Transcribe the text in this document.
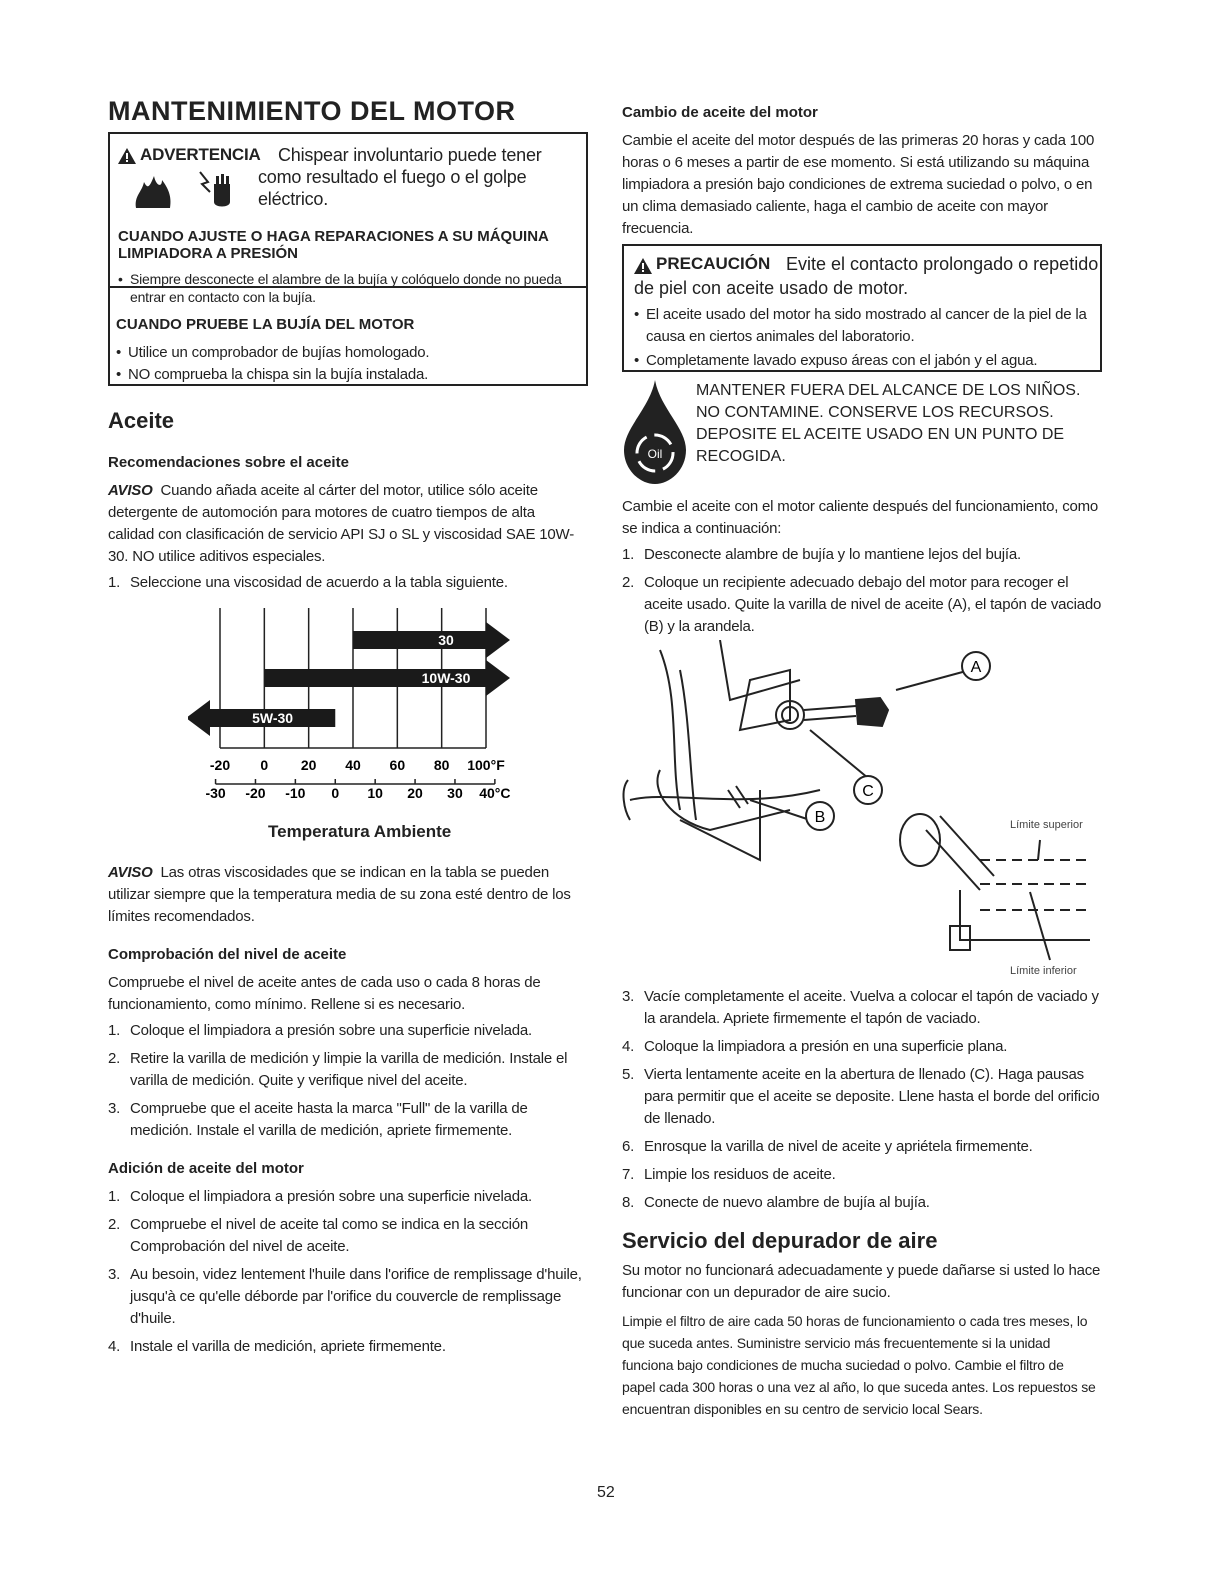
MANTENIMIENTO DEL MOTOR
ADVERTENCIA Chispear involuntario puede tener
como resultado el fuego o el golpe
eléctrico.
CUANDO AJUSTE O HAGA REPARACIONES A SU MÁQUINA
LIMPIADORA A PRESIÓN
• Siempre desconecte el alambre de la bujía y colóquelo donde no pueda entrar en contacto con la bujía.
CUANDO PRUEBE LA BUJÍA DEL MOTOR
• Utilice un comprobador de bujías homologado.
• NO comprueba la chispa sin la bujía instalada.
Aceite
Recomendaciones sobre el aceite
AVISO Cuando añada aceite al cárter del motor, utilice sólo aceite detergente de automoción para motores de cuatro tiempos de alta calidad con clasificación de servicio API SJ o SL y viscosidad SAE 10W-30. NO utilice aditivos especiales.
1. Seleccione una viscosidad de acuerdo a la tabla siguiente.
30
10W-30
5W-30
-20 0 20 40 60 80 100°F
-30 -20 -10 0 10 20 30 40°C
Temperatura Ambiente
AVISO Las otras viscosidades que se indican en la tabla se pueden utilizar siempre que la temperatura media de su zona esté dentro de los límites recomendados.
Comprobación del nivel de aceite
Compruebe el nivel de aceite antes de cada uso o cada 8 horas de funcionamiento, como mínimo. Rellene si es necesario.
1. Coloque el limpiadora a presión sobre una superficie nivelada.
2. Retire la varilla de medición y limpie la varilla de medición. Instale el varilla de medición. Quite y verifique nivel del aceite.
3. Compruebe que el aceite hasta la marca "Full" de la varilla de medición. Instale el varilla de medición, apriete firmemente.
Adición de aceite del motor
1. Coloque el limpiadora a presión sobre una superficie nivelada.
2. Compruebe el nivel de aceite tal como se indica en la sección Comprobación del nivel de aceite.
3. Au besoin, videz lentement l'huile dans l'orifice de remplissage d'huile, jusqu'à ce qu'elle déborde par l'orifice du couvercle de remplissage d'huile.
4. Instale el varilla de medición, apriete firmemente.
Cambio de aceite del motor
Cambie el aceite del motor después de las primeras 20 horas y cada 100 horas o 6 meses a partir de ese momento. Si está utilizando su máquina limpiadora a presión bajo condiciones de extrema suciedad o polvo, o en un clima demasiado caliente, haga el cambio de aceite con mayor frecuencia.
PRECAUCIÓN Evite el contacto prolongado o repetido
de piel con aceite usado de motor.
• El aceite usado del motor ha sido mostrado al cancer de la piel de la causa en ciertos animales del laboratorio.
• Completamente lavado expuso áreas con el jabón y el agua.
Oil
MANTENER FUERA DEL ALCANCE DE LOS NIÑOS. NO CONTAMINE. CONSERVE LOS RECURSOS. DEPOSITE EL ACEITE USADO EN UN PUNTO DE RECOGIDA.
Cambie el aceite con el motor caliente después del funcionamiento, como se indica a continuación:
1. Desconecte alambre de bujía y lo mantiene lejos del bujía.
2. Coloque un recipiente adecuado debajo del motor para recoger el aceite usado. Quite la varilla de nivel de aceite (A), el tapón de vaciado (B) y la arandela.
A
C
B	Límite superior
Límite inferior
3. Vacíe completamente el aceite. Vuelva a colocar el tapón de vaciado y la arandela. Apriete firmemente el tapón de vaciado.
4. Coloque la limpiadora a presión en una superficie plana.
5. Vierta lentamente aceite en la abertura de llenado (C). Haga pausas para permitir que el aceite se deposite. Llene hasta el borde del orificio de llenado.
6. Enrosque la varilla de nivel de aceite y apriétela firmemente.
7. Limpie los residuos de aceite.
8. Conecte de nuevo alambre de bujía al bujía.
Servicio del depurador de aire
Su motor no funcionará adecuadamente y puede dañarse si usted lo hace funcionar con un depurador de aire sucio.
Limpie el filtro de aire cada 50 horas de funcionamiento o cada tres meses, lo que suceda antes. Suministre servicio más frecuentemente si la unidad funciona bajo condiciones de mucha suciedad o polvo. Cambie el filtro de papel cada 300 horas o una vez al año, lo que suceda antes. Los repuestos se encuentran disponibles en su centro de servicio local Sears.
52
